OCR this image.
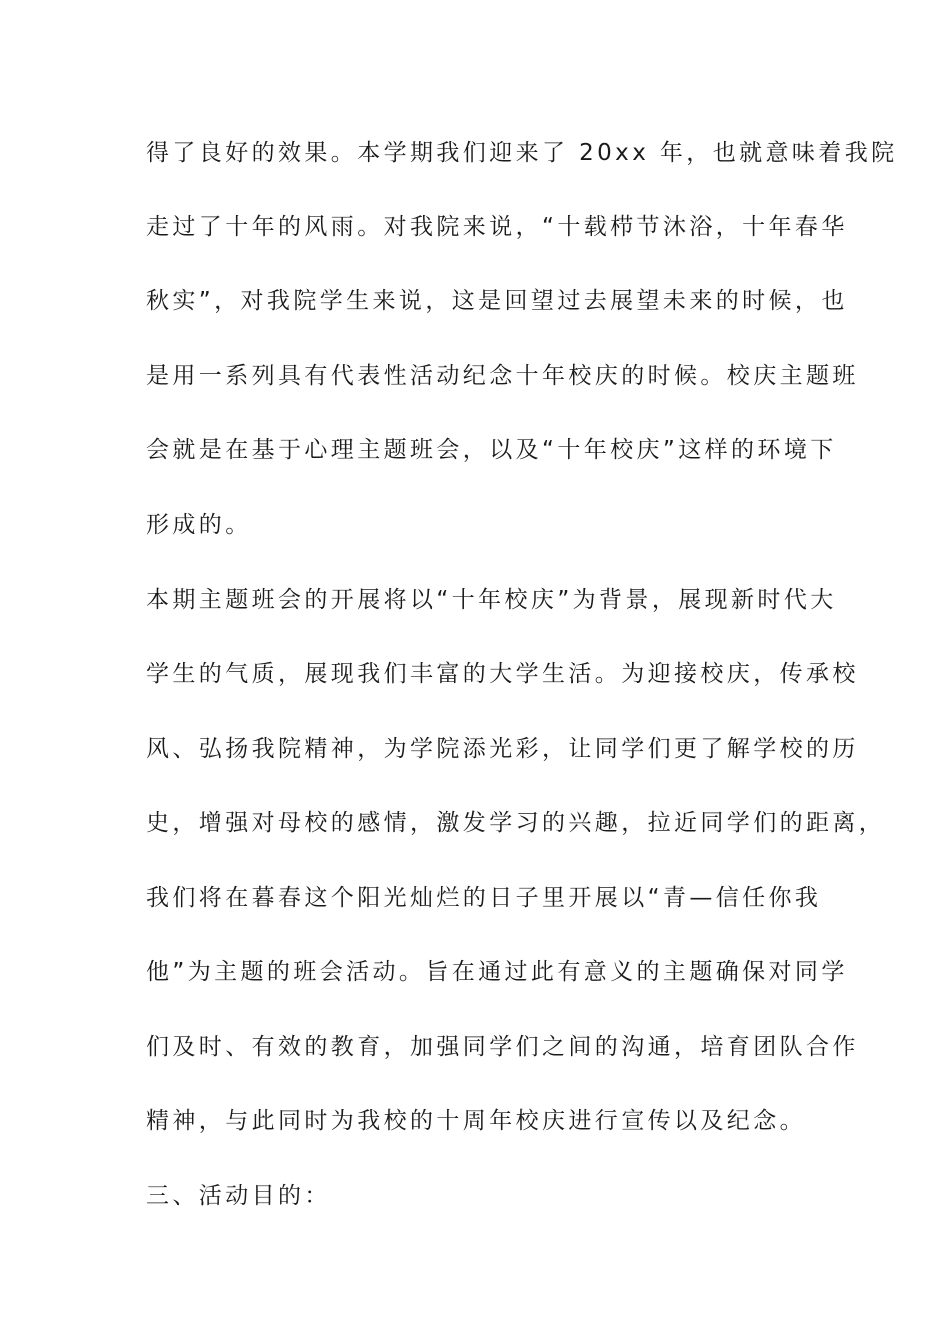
得了良好的效果。本学期我们迎来了 20xx 年，也就意味着我院
走过了十年的风雨。对我院来说，“十载栉节沐浴，十年春华
秋实”，对我院学生来说，这是回望过去展望未来的时候，也
是用一系列具有代表性活动纪念十年校庆的时候。校庆主题班
会就是在基于心理主题班会，以及“十年校庆”这样的环境下
形成的。
本期主题班会的开展将以“十年校庆”为背景，展现新时代大
学生的气质，展现我们丰富的大学生活。为迎接校庆，传承校
风、弘扬我院精神，为学院添光彩，让同学们更了解学校的历
史，增强对母校的感情，激发学习的兴趣，拉近同学们的距离，
我们将在暮春这个阳光灿烂的日子里开展以“青—信任你我
他”为主题的班会活动。旨在通过此有意义的主题确保对同学
们及时、有效的教育，加强同学们之间的沟通，培育团队合作
精神，与此同时为我校的十周年校庆进行宣传以及纪念。
三、活动目的：
